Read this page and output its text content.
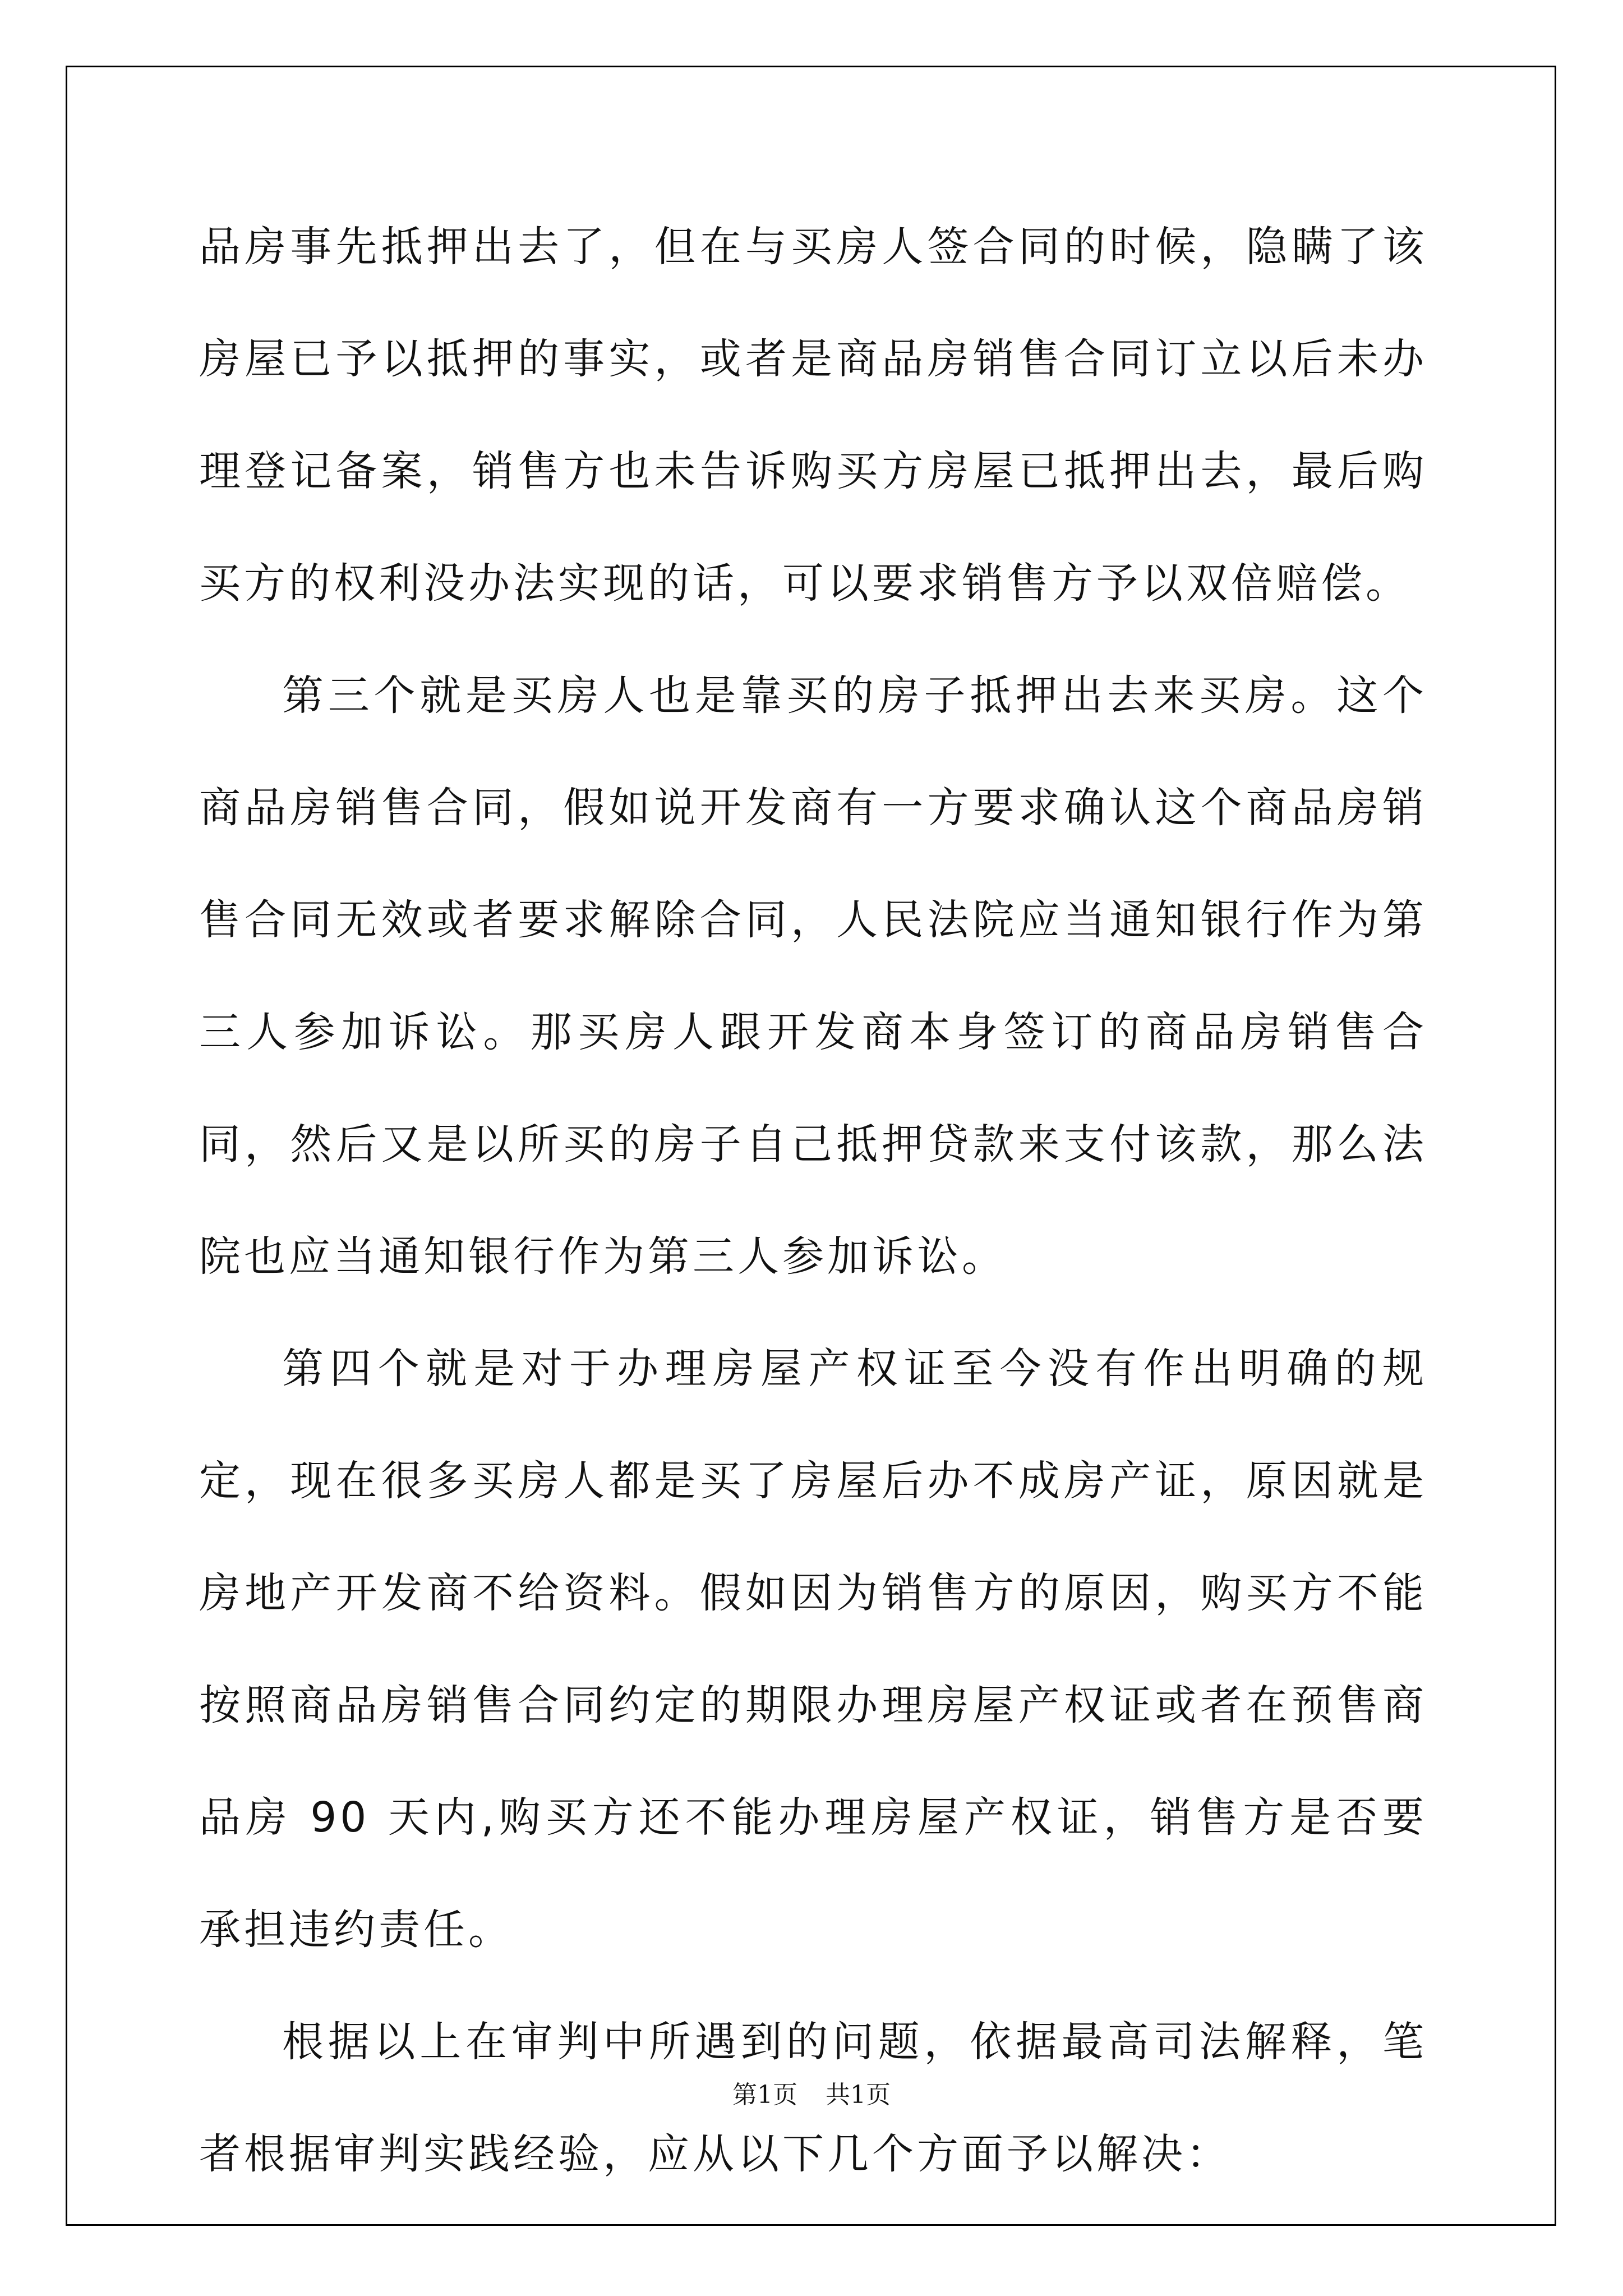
品房事先抵押出去了，但在与买房人签合同的时候，隐瞒了该房屋已予以抵押的事实，或者是商品房销售合同订立以后未办理登记备案，销售方也未告诉购买方房屋已抵押出去，最后购买方的权利没办法实现的话，可以要求销售方予以双倍赔偿。

第三个就是买房人也是靠买的房子抵押出去来买房。这个商品房销售合同，假如说开发商有一方要求确认这个商品房销售合同无效或者要求解除合同，人民法院应当通知银行作为第三人参加诉讼。那买房人跟开发商本身签订的商品房销售合同，然后又是以所买的房子自己抵押贷款来支付该款，那么法院也应当通知银行作为第三人参加诉讼。

第四个就是对于办理房屋产权证至今没有作出明确的规定，现在很多买房人都是买了房屋后办不成房产证，原因就是房地产开发商不给资料。假如因为销售方的原因，购买方不能按照商品房销售合同约定的期限办理房屋产权证或者在预售商品房 90 天内,购买方还不能办理房屋产权证，销售方是否要承担违约责任。

根据以上在审判中所遇到的问题，依据最高司法解释，笔者根据审判实践经验，应从以下几个方面予以解决：

第1页 共1页
